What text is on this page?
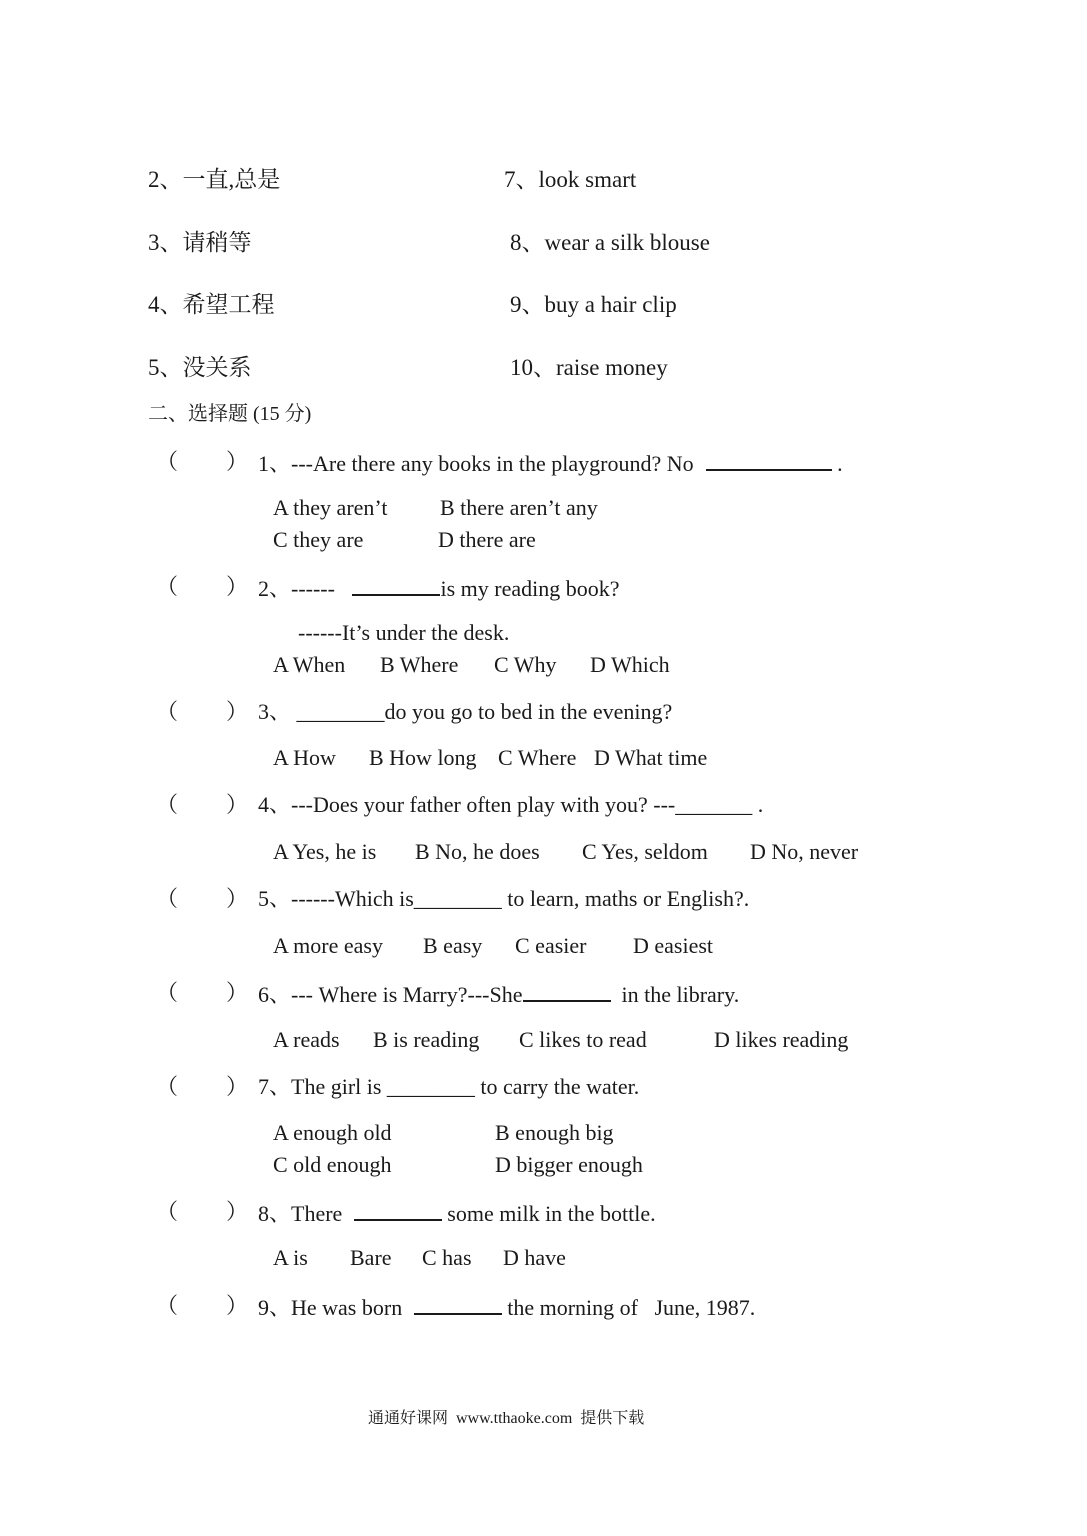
2、一直,总是	7、look smart
3、请稍等	8、wear a silk blouse
4、希望工程	9、buy a hair clip
5、没关系	10、raise money
二、选择题 (15 分)
（ ）
（ ）
（ ）
（ ）
（ ）
（ ）
（ ）
（ ）
（ ）
1、---Are there any books in the playground? No	.
A they aren’t B there aren’t any
C they are	D there are
2、------	is my reading book?
------It’s under the desk.
A When B Where C Why D Which
3、 ________do you go to bed in the evening?
A How B How long C Where D What time
4、---Does your father often play with you? ---_______ .
A Yes, he is B No, he does C Yes, seldom D No, never
5、------Which is________ to learn, maths or English?.
A more easy B easy C easier D easiest
6、--- Where is Marry?---She	in the library.
A reads B is reading C likes to read	D likes reading
7、The girl is ________ to carry the water.
A enough old	B enough big
C old enough	D bigger enough
8、There	some milk in the bottle.
A is Bare C has D have
9、He was born	the morning of   June, 1987.
通通好课网  www.tthaoke.com  提供下载
